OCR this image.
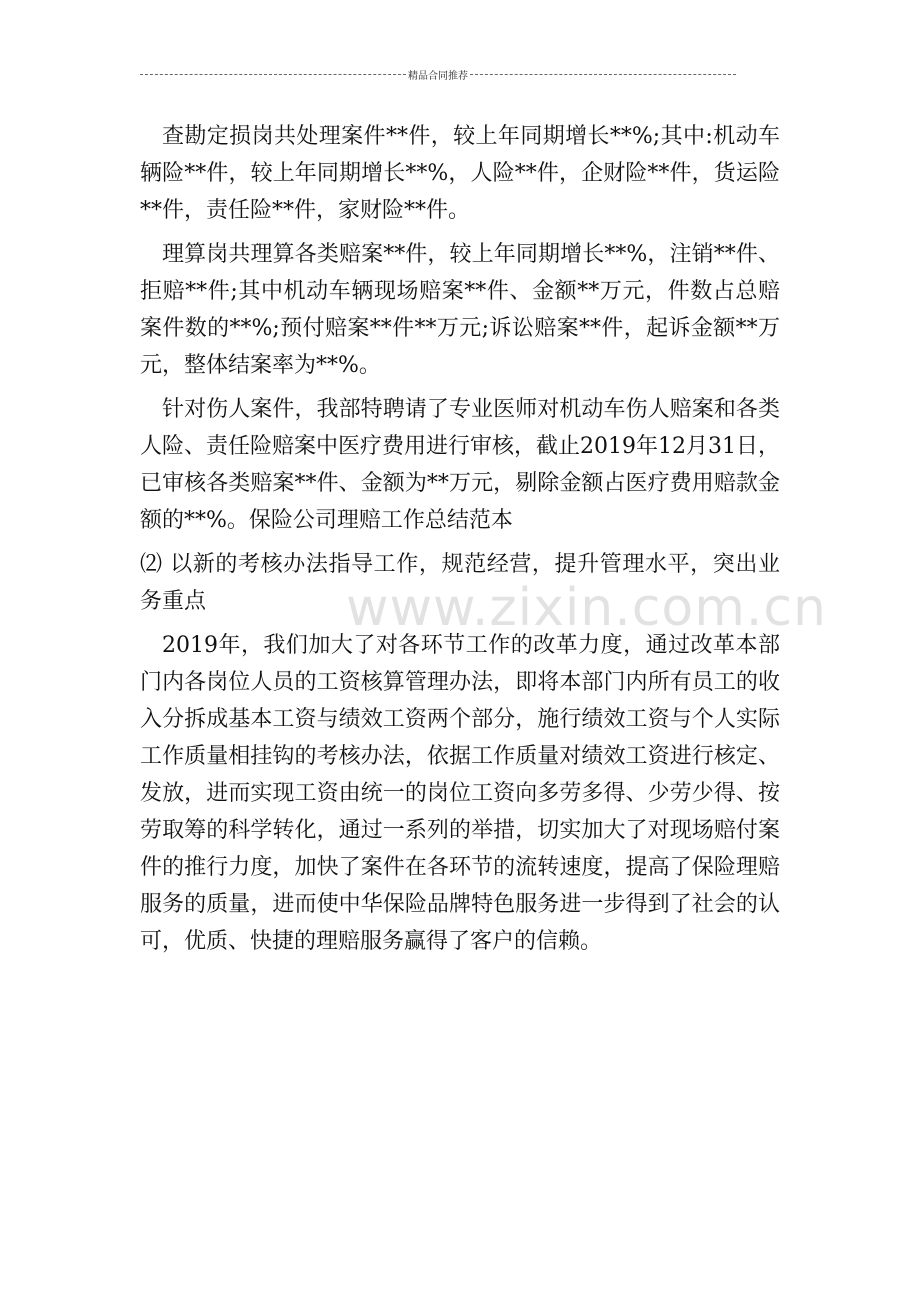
精品合同推荐

查勘定损岗共处理案件**件，较上年同期增长**%;其中:机动车辆险**件，较上年同期增长**%，人险**件，企财险**件，货运险**件，责任险**件，家财险**件。

理算岗共理算各类赔案**件，较上年同期增长**%，注销**件、拒赔**件;其中机动车辆现场赔案**件、金额**万元，件数占总赔案件数的**%;预付赔案**件**万元;诉讼赔案**件，起诉金额**万元，整体结案率为**%。

针对伤人案件，我部特聘请了专业医师对机动车伤人赔案和各类人险、责任险赔案中医疗费用进行审核，截止2019年12月31日，已审核各类赔案**件、金额为**万元，剔除金额占医疗费用赔款金额的**%。保险公司理赔工作总结范本

⑵ 以新的考核办法指导工作，规范经营，提升管理水平，突出业务重点

2019年，我们加大了对各环节工作的改革力度，通过改革本部门内各岗位人员的工资核算管理办法，即将本部门内所有员工的收入分拆成基本工资与绩效工资两个部分，施行绩效工资与个人实际工作质量相挂钩的考核办法，依据工作质量对绩效工资进行核定、发放，进而实现工资由统一的岗位工资向多劳多得、少劳少得、按劳取筹的科学转化，通过一系列的举措，切实加大了对现场赔付案件的推行力度，加快了案件在各环节的流转速度，提高了保险理赔服务的质量，进而使中华保险品牌特色服务进一步得到了社会的认可，优质、快捷的理赔服务赢得了客户的信赖。

www.zixin.com.cn
